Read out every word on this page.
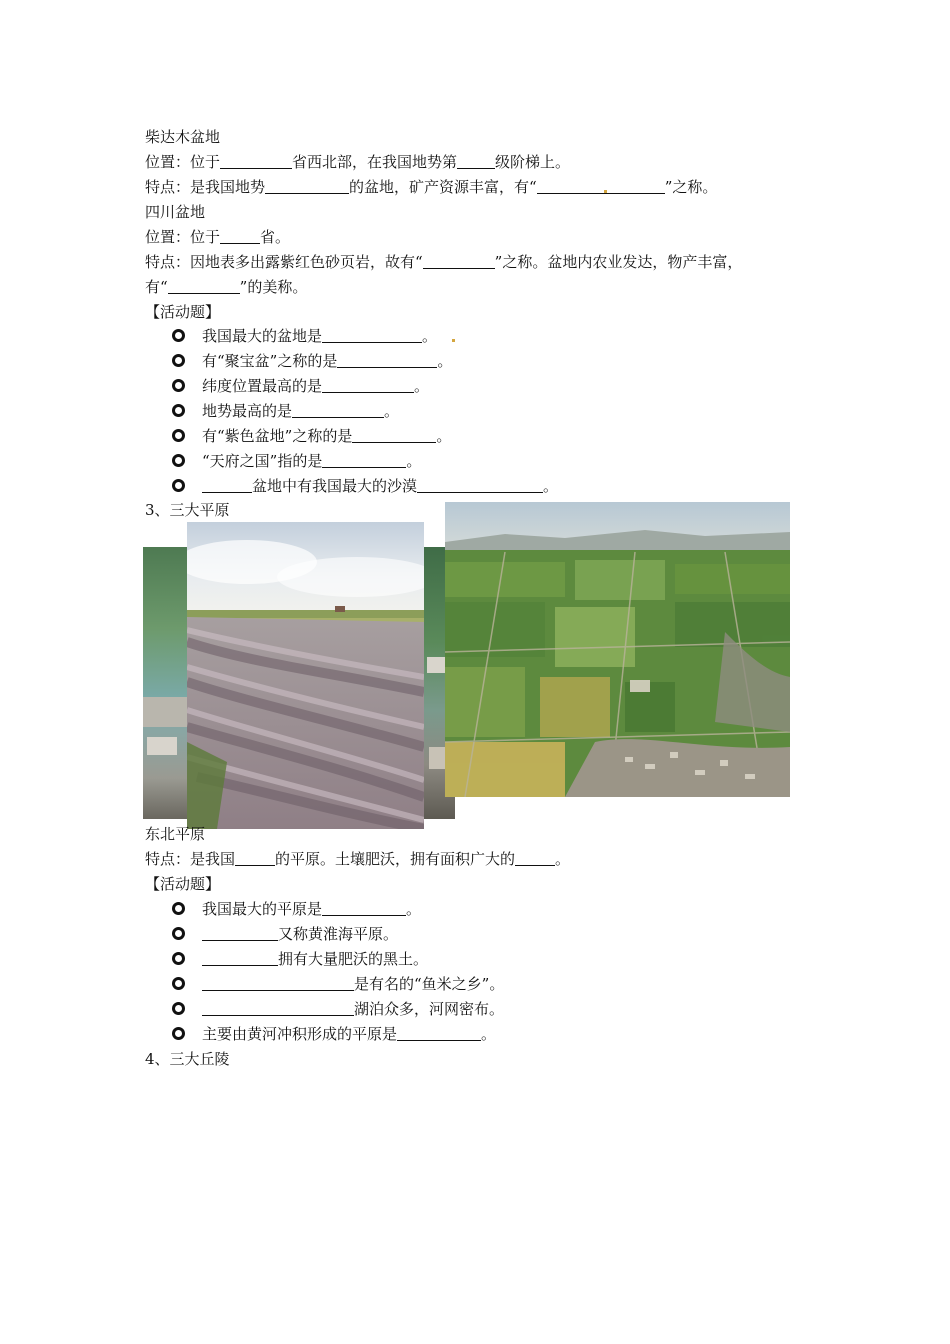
柴达木盆地
位置：位于	省西北部，在我国地势第	级阶梯上。
特点：是我国地势	的盆地，矿产资源丰富，有“	”之称。
四川盆地
位置：位于	省。
特点：因地表多出露紫红色砂页岩，故有“	”之称。盆地内农业发达，物产丰富，
有“	”的美称。
【活动题】
我国最大的盆地是	。
有“聚宝盆”之称的是	。
纬度位置最高的是	。
地势最高的是	。
有“紫色盆地”之称的是	。
“天府之国”指的是	。
盆地中有我国最大的沙漠	。
3、三大平原
东北平原
特点：是我国	的平原。土壤肥沃，拥有面积广大的	。
【活动题】
我国最大的平原是	。
又称黄淮海平原。
拥有大量肥沃的黑土。
是有名的“鱼米之乡”。
湖泊众多，河网密布。
主要由黄河冲积形成的平原是	。
4、三大丘陵
